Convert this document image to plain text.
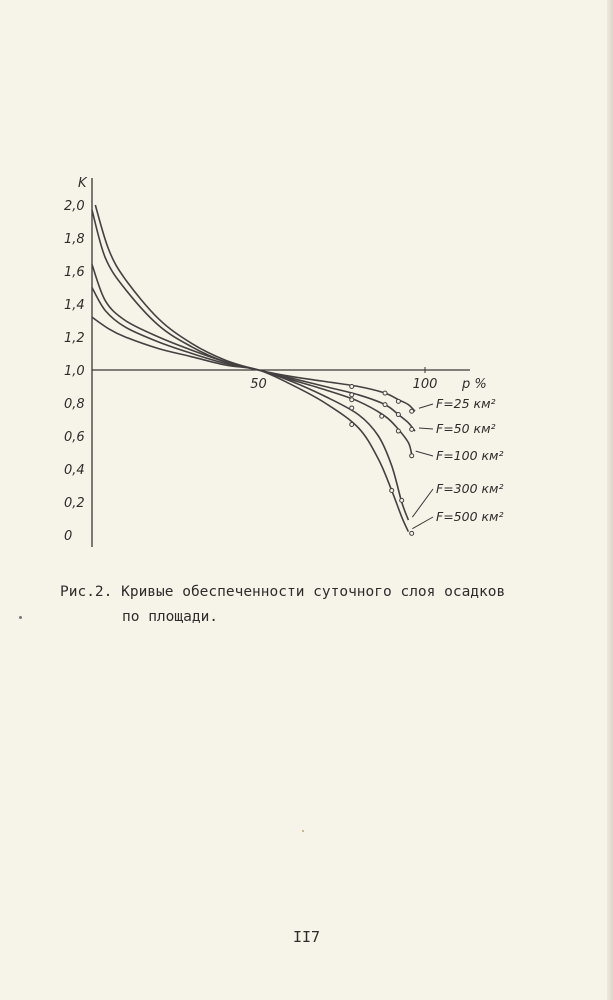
K
p %
2,0
1,8
1,6
1,4
1,2
1,0
0,8
0,6
0,4
0,2
0
50	100
F=25 км²
F=50 км²
F=100 км²
F=300 км²
F=500 км²
Рис.2. Кривые обеспеченности суточного слоя осадков
по площади.
II7
